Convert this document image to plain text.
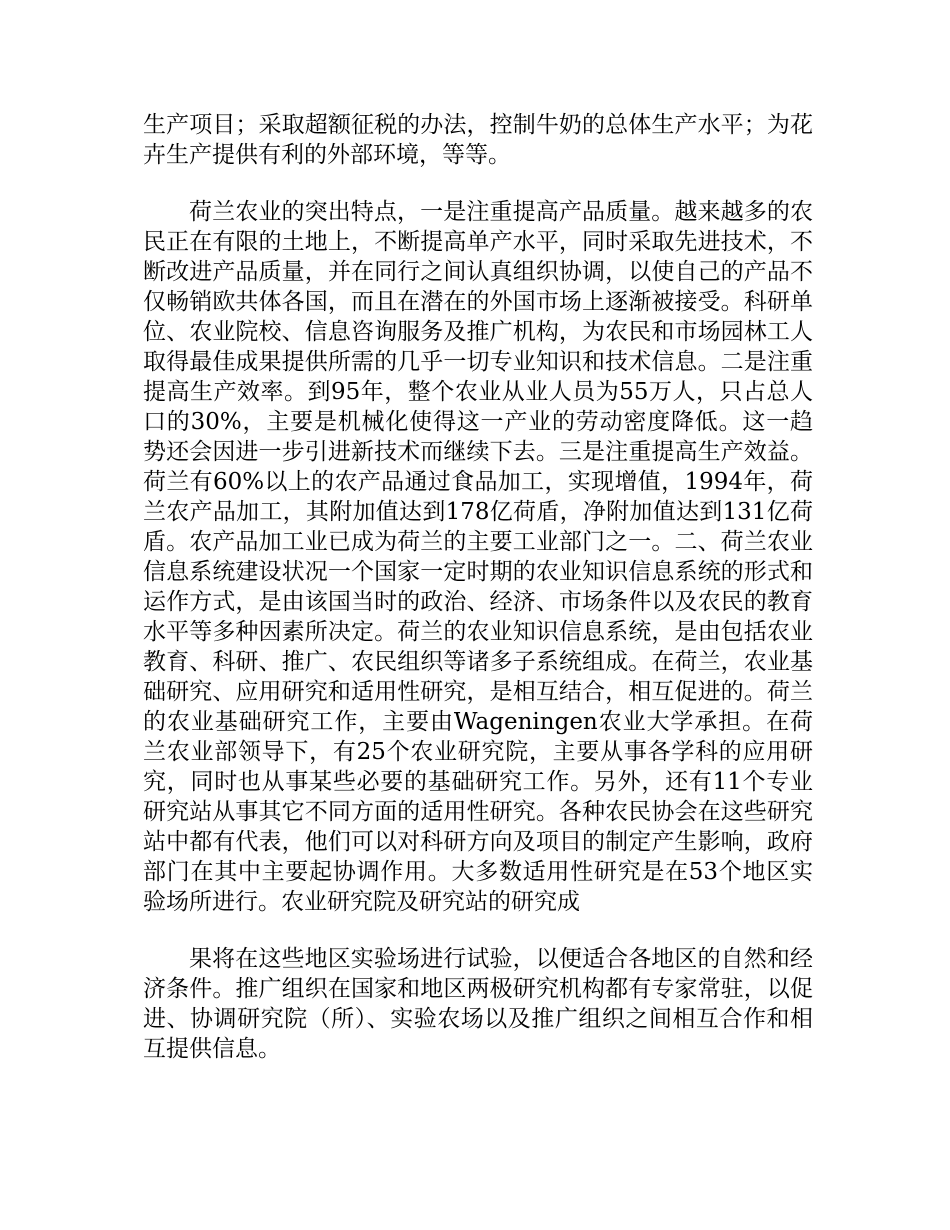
生产项目；采取超额征税的办法，控制牛奶的总体生产水平；为花卉生产提供有利的外部环境，等等。

荷兰农业的突出特点，一是注重提高产品质量。越来越多的农民正在有限的土地上，不断提高单产水平，同时采取先进技术，不断改进产品质量，并在同行之间认真组织协调，以使自己的产品不仅畅销欧共体各国，而且在潜在的外国市场上逐渐被接受。科研单位、农业院校、信息咨询服务及推广机构，为农民和市场园林工人取得最佳成果提供所需的几乎一切专业知识和技术信息。二是注重提高生产效率。到95年，整个农业从业人员为55万人，只占总人口的30%，主要是机械化使得这一产业的劳动密度降低。这一趋势还会因进一步引进新技术而继续下去。三是注重提高生产效益。荷兰有60%以上的农产品通过食品加工，实现增值，1994年，荷兰农产品加工，其附加值达到178亿荷盾，净附加值达到131亿荷盾。农产品加工业已成为荷兰的主要工业部门之一。二、荷兰农业信息系统建设状况一个国家一定时期的农业知识信息系统的形式和运作方式，是由该国当时的政治、经济、市场条件以及农民的教育水平等多种因素所决定。荷兰的农业知识信息系统，是由包括农业教育、科研、推广、农民组织等诸多子系统组成。在荷兰，农业基础研究、应用研究和适用性研究，是相互结合，相互促进的。荷兰的农业基础研究工作，主要由Wageningen农业大学承担。在荷兰农业部领导下，有25个农业研究院，主要从事各学科的应用研究，同时也从事某些必要的基础研究工作。另外，还有11个专业研究站从事其它不同方面的适用性研究。各种农民协会在这些研究站中都有代表，他们可以对科研方向及项目的制定产生影响，政府部门在其中主要起协调作用。大多数适用性研究是在53个地区实验场所进行。农业研究院及研究站的研究成

果将在这些地区实验场进行试验，以便适合各地区的自然和经济条件。推广组织在国家和地区两极研究机构都有专家常驻，以促进、协调研究院（所）、实验农场以及推广组织之间相互合作和相互提供信息。
